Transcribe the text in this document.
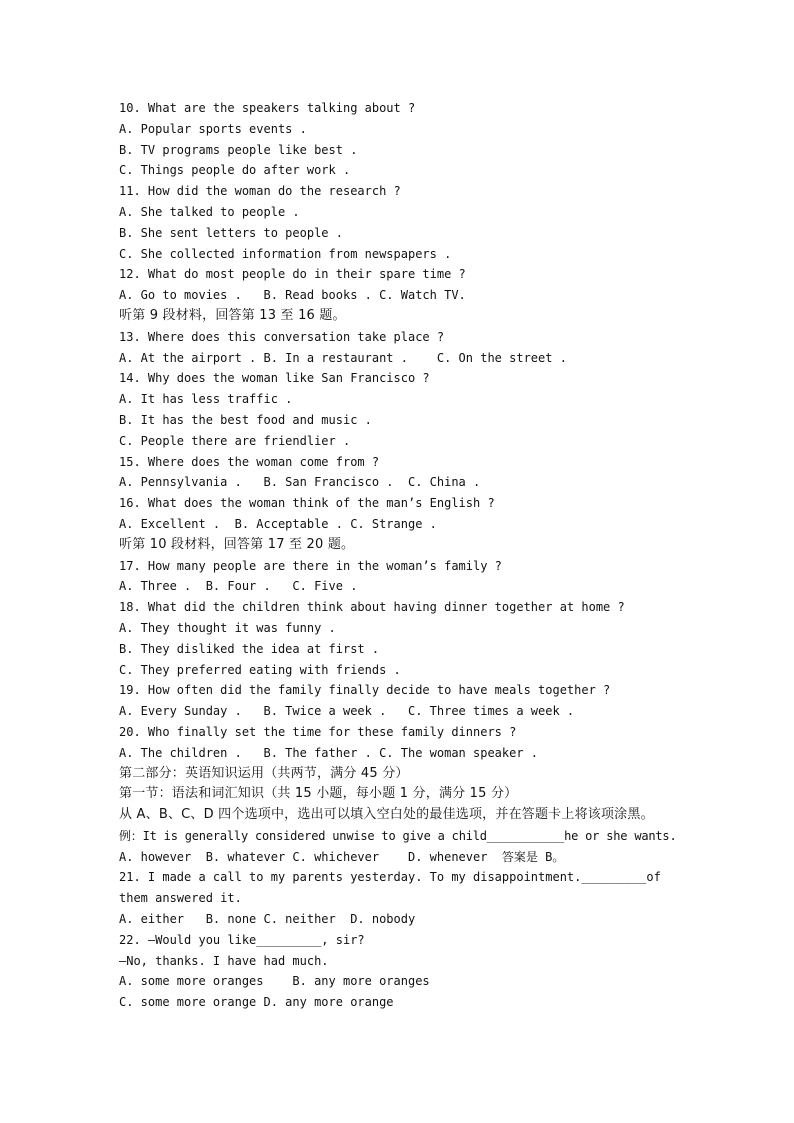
10. What are the speakers talking about ?
A. Popular sports events .
B. TV programs people like best .
C. Things people do after work .
11. How did the woman do the research ?
A. She talked to people .
B. She sent letters to people .
C. She collected information from newspapers .
12. What do most people do in their spare time ?
A. Go to movies .   B. Read books . C. Watch TV.
听第 9 段材料，回答第 13 至 16 题。
13. Where does this conversation take place ?
A. At the airport . B. In a restaurant .    C. On the street .
14. Why does the woman like San Francisco ?
A. It has less traffic .
B. It has the best food and music .
C. People there are friendlier .
15. Where does the woman come from ?
A. Pennsylvania .   B. San Francisco .  C. China .
16. What does the woman think of the man’s English ?
A. Excellent .  B. Acceptable . C. Strange .
听第 10 段材料，回答第 17 至 20 题。
17. How many people are there in the woman’s family ?
A. Three .  B. Four .   C. Five .
18. What did the children think about having dinner together at home ?
A. They thought it was funny .
B. They disliked the idea at first .
C. They preferred eating with friends .
19. How often did the family finally decide to have meals together ?
A. Every Sunday .   B. Twice a week .   C. Three times a week .
20. Who finally set the time for these family dinners ?
A. The children .   B. The father . C. The woman speaker .
第二部分：英语知识运用（共两节，满分 45 分）
第一节：语法和词汇知识（共 15 小题，每小题 1 分，满分 15 分）
从 A、B、C、D 四个选项中，选出可以填入空白处的最佳选项，并在答题卡上将该项涂黑。
例：It is generally considered unwise to give a child___________he or she wants.
A. however  B. whatever C. whichever    D. whenever  答案是 B。
21. I made a call to my parents yesterday. To my disappointment._________of
them answered it.
A. either   B. none C. neither  D. nobody
22. —Would you like_________, sir?
—No, thanks. I have had much.
A. some more oranges    B. any more oranges
C. some more orange D. any more orange
